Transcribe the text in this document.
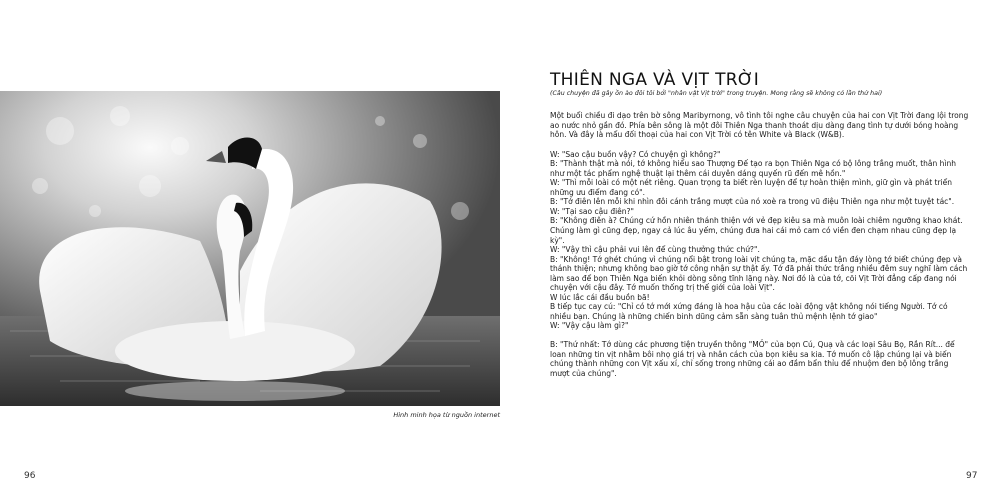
Hình minh họa từ nguồn internet
96
THIÊN NGA VÀ VỊT TRỜI
(Câu chuyện đã gây ồn ào đôi tôi bởi "nhân vật Vịt trời" trong truyện. Mong rằng sẽ không có lần thứ hai)

Một buổi chiều đi dạo trên bờ sông Maribyrnong, vô tình tôi nghe câu chuyện của hai con Vịt Trời đang lội trong ao nước nhỏ gần đó. Phía bên sông là một đôi Thiên Nga thanh thoát dịu dàng đang tình tự dưới bóng hoàng hôn. Và đây là mẩu đối thoại của hai con Vịt Trời có tên White và Black (W&B).

W: "Sao cậu buồn vậy? Có chuyện gì không?"

B: "Thành thật mà nói, tớ không hiểu sao Thượng Đế tạo ra bọn Thiên Nga có bộ lông trắng muốt, thân hình như một tác phẩm nghệ thuật lại thêm cái duyên dáng quyến rũ đến mê hồn."

W: "Thì mỗi loài có một nét riêng. Quan trọng ta biết rèn luyện để tự hoàn thiện mình, giữ gìn và phát triển những ưu điểm đang có".

B: "Tớ điên lên mỗi khi nhìn đôi cánh trắng mượt của nó xoè ra trong vũ điệu Thiên nga như một tuyệt tác".

W: "Tại sao cậu điên?"

B: "Không điên à? Chúng cứ hồn nhiên thánh thiện với vẻ đẹp kiêu sa mà muôn loài chiêm ngưỡng khao khát. Chúng làm gì cũng đẹp, ngay cả lúc âu yếm, chúng đưa hai cái mỏ cam có viền đen chạm nhau cũng đẹp lạ kỳ".

W: "Vậy thì cậu phải vui lên để cùng thưởng thức chứ?".

B: "Không! Tớ ghét chúng vì chúng nổi bật trong loài vịt chúng ta, mặc dầu tận đáy lòng tớ biết chúng đẹp và thánh thiện; nhưng không bao giờ tớ công nhận sự thật ấy. Tớ đã phải thức trắng nhiều đêm suy nghĩ làm cách làm sao để bọn Thiên Nga biến khỏi dòng sông tĩnh lặng này. Nơi đó là của tớ, cõi Vịt Trời đẳng cấp đang nói chuyện với cậu đây. Tớ muốn thống trị thế giới của loài Vịt".

W lúc lắc cái đầu buồn bã!

B tiếp tục cay cú: "Chỉ có tớ mới xứng đáng là hoa hậu của các loài động vật không nói tiếng Người. Tớ có nhiều bạn. Chúng là những chiến binh dũng cảm sẵn sàng tuân thủ mệnh lệnh tớ giao"

W: "Vậy cậu làm gì?"

B: "Thứ nhất: Tớ dùng các phương tiện truyền thông "MỎ" của bọn Cú, Quạ và các loại Sâu Bọ, Rắn Rít... để loan những tin vịt nhằm bôi nhọ giá trị và nhân cách của bọn kiêu sa kia. Tớ muốn cô lập chúng lại và biến chúng thành những con Vịt xấu xí, chỉ sống trong những cái ao đầm bẩn thỉu để nhuộm đen bộ lông trắng mượt của chúng".

97
